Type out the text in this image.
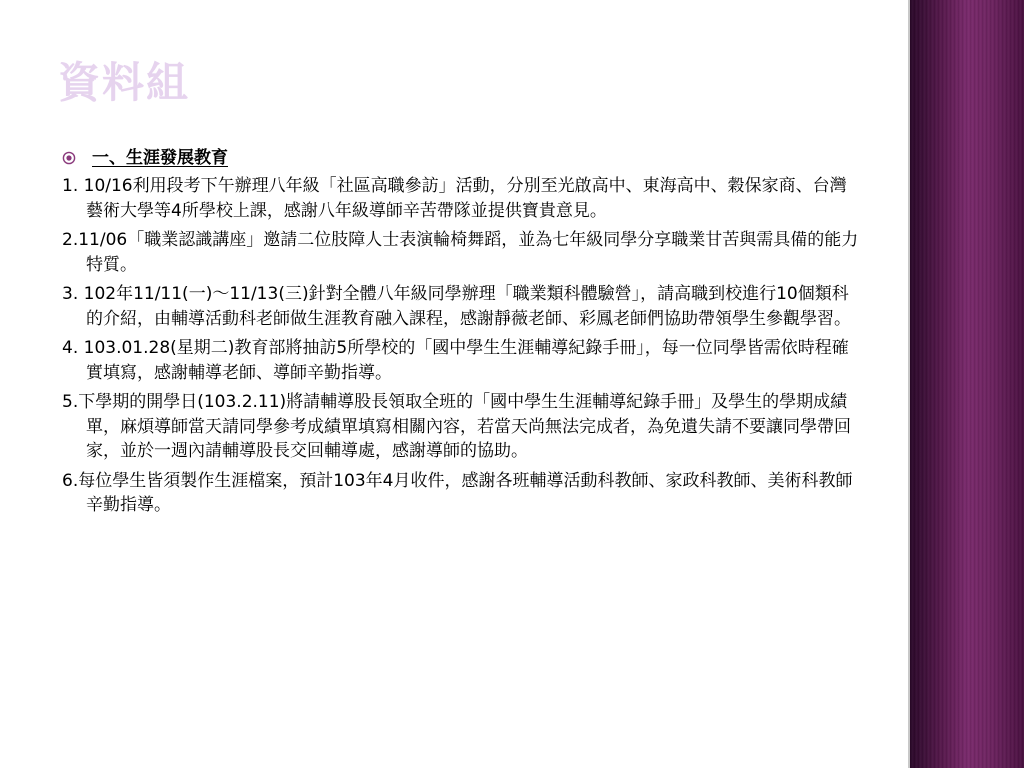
資料組
一、生涯發展教育
1. 10/16利用段考下午辦理八年級「社區高職參訪」活動，分別至光啟高中、東海高中、穀保家商、台灣藝術大學等4所學校上課，感謝八年級導師辛苦帶隊並提供寶貴意見。
2.11/06「職業認識講座」邀請二位肢障人士表演輪椅舞蹈，並為七年級同學分享職業甘苦與需具備的能力特質。
3. 102年11/11(一)～11/13(三)針對全體八年級同學辦理「職業類科體驗營」，請高職到校進行10個類科的介紹，由輔導活動科老師做生涯教育融入課程，感謝靜薇老師、彩鳳老師們協助帶領學生參觀學習。
4. 103.01.28(星期二)教育部將抽訪5所學校的「國中學生生涯輔導紀錄手冊」，每一位同學皆需依時程確實填寫，感謝輔導老師、導師辛勤指導。
5.下學期的開學日(103.2.11)將請輔導股長領取全班的「國中學生生涯輔導紀錄手冊」及學生的學期成績單，麻煩導師當天請同學參考成績單填寫相關內容，若當天尚無法完成者，為免遺失請不要讓同學帶回家，並於一週內請輔導股長交回輔導處，感謝導師的協助。
6.每位學生皆須製作生涯檔案，預計103年4月收件，感謝各班輔導活動科教師、家政科教師、美術科教師辛勤指導。
